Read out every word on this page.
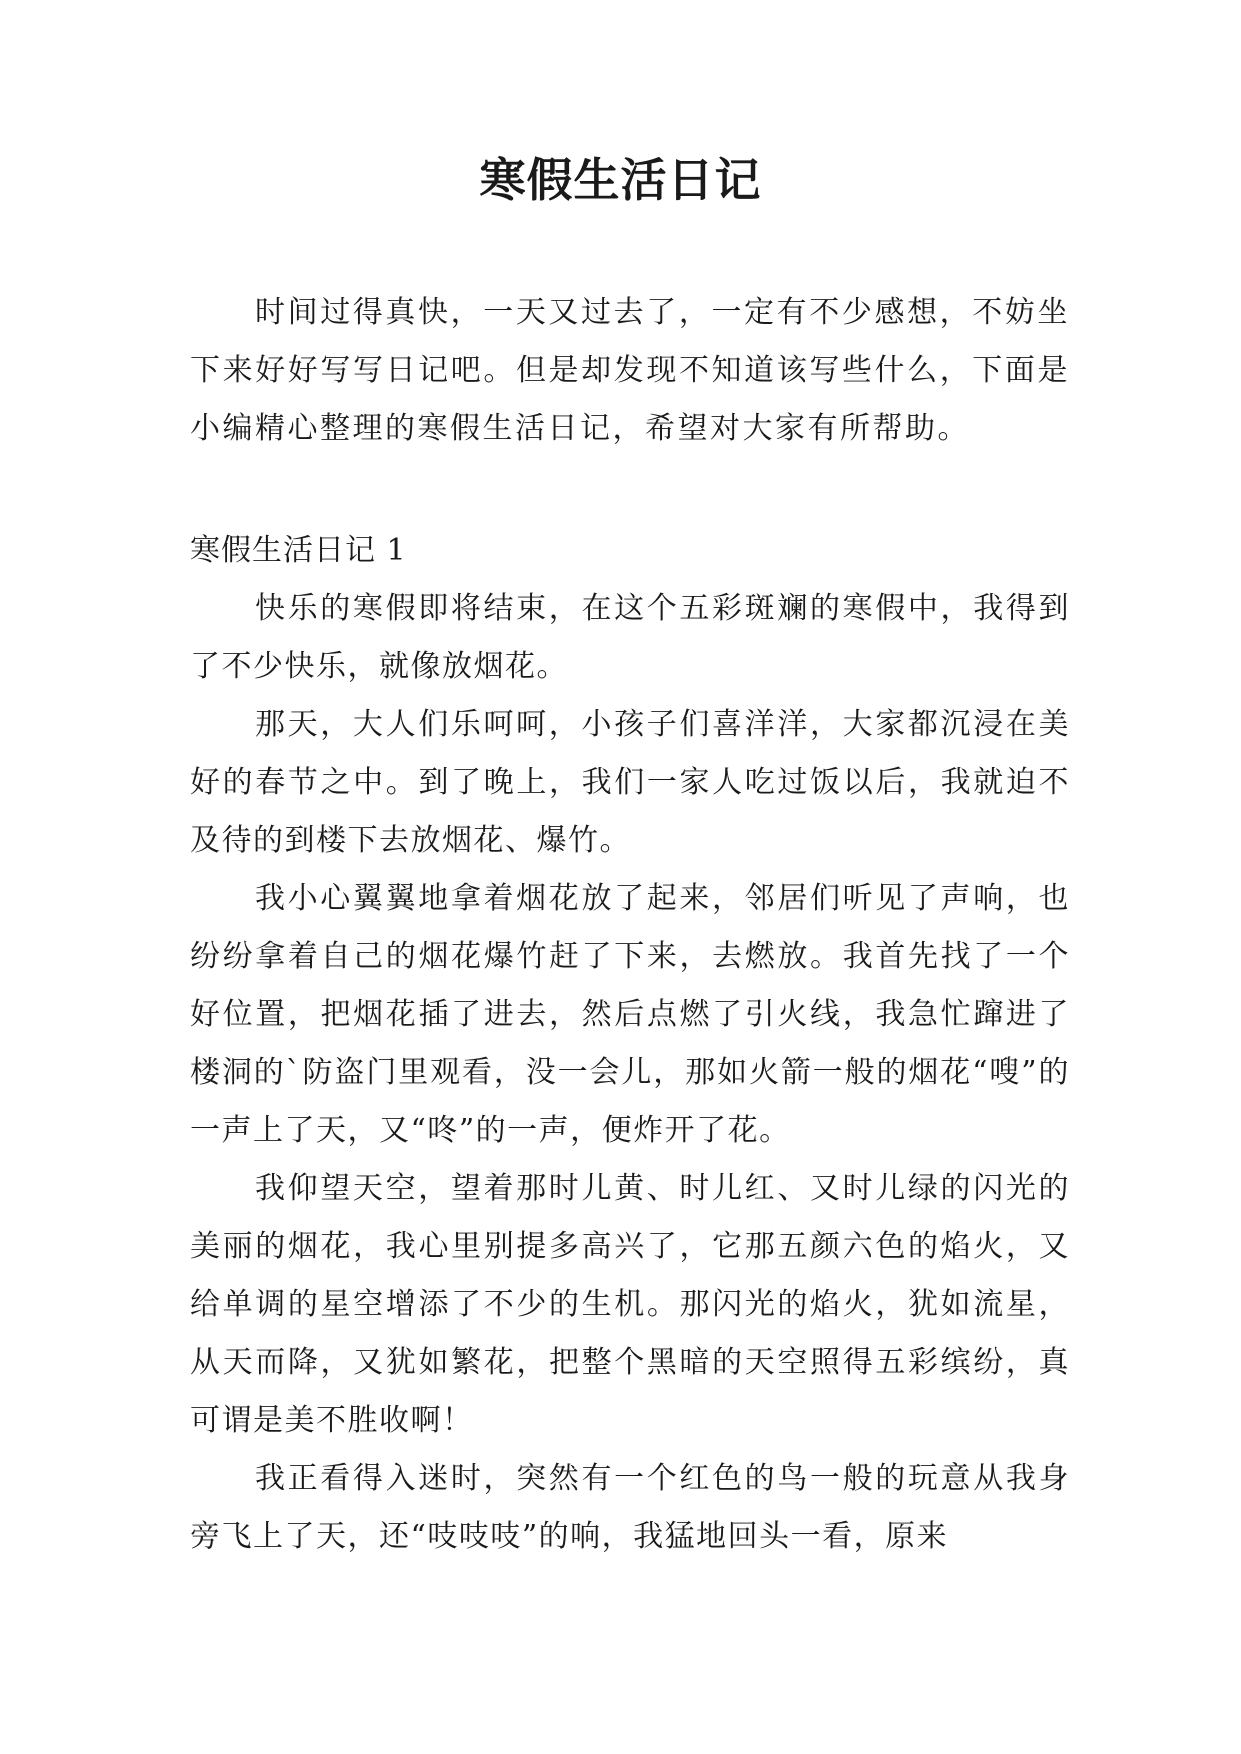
寒假生活日记

时间过得真快，一天又过去了，一定有不少感想，不妨坐下来好好写写日记吧。但是却发现不知道该写些什么，下面是小编精心整理的寒假生活日记，希望对大家有所帮助。

寒假生活日记 1

快乐的寒假即将结束，在这个五彩斑斓的寒假中，我得到了不少快乐，就像放烟花。

那天，大人们乐呵呵，小孩子们喜洋洋，大家都沉浸在美好的春节之中。到了晚上，我们一家人吃过饭以后，我就迫不及待的到楼下去放烟花、爆竹。

我小心翼翼地拿着烟花放了起来，邻居们听见了声响，也纷纷拿着自己的烟花爆竹赶了下来，去燃放。我首先找了一个好位置，把烟花插了进去，然后点燃了引火线，我急忙蹿进了楼洞的`防盗门里观看，没一会儿，那如火箭一般的烟花“嗖”的一声上了天，又“咚”的一声，便炸开了花。

我仰望天空，望着那时儿黄、时儿红、又时儿绿的闪光的美丽的烟花，我心里别提多高兴了，它那五颜六色的焰火，又给单调的星空增添了不少的生机。那闪光的焰火，犹如流星，从天而降，又犹如繁花，把整个黑暗的天空照得五彩缤纷，真可谓是美不胜收啊！

我正看得入迷时，突然有一个红色的鸟一般的玩意从我身旁飞上了天，还“吱吱吱”的响，我猛地回头一看，原来
